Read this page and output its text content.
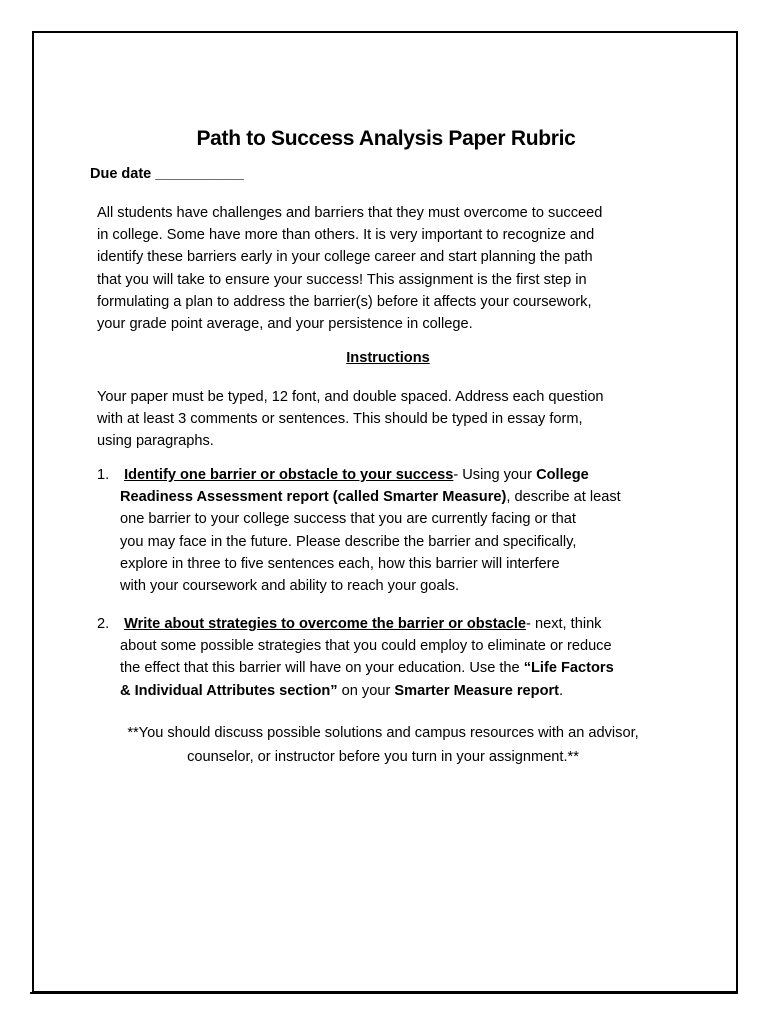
Path to Success Analysis Paper Rubric
Due date ___________
All students have challenges and barriers that they must overcome to succeed
in college. Some have more than others. It is very important to recognize and
identify these barriers early in your college career and start planning the path
that you will take to ensure your success! This assignment is the first step in
formulating a plan to address the barrier(s) before it affects your coursework,
your grade point average, and your persistence in college.
Instructions
Your paper must be typed, 12 font, and double spaced. Address each question
with at least 3 comments or sentences. This should be typed in essay form,
using paragraphs.
1. Identify one barrier or obstacle to your success- Using your College
Readiness Assessment report (called Smarter Measure), describe at least
one barrier to your college success that you are currently facing or that
you may face in the future. Please describe the barrier and specifically,
explore in three to five sentences each, how this barrier will interfere
with your coursework and ability to reach your goals.
2. Write about strategies to overcome the barrier or obstacle- next, think
about some possible strategies that you could employ to eliminate or reduce
the effect that this barrier will have on your education. Use the “Life Factors
& Individual Attributes section” on your Smarter Measure report.
**You should discuss possible solutions and campus resources with an advisor,
counselor, or instructor before you turn in your assignment.**
